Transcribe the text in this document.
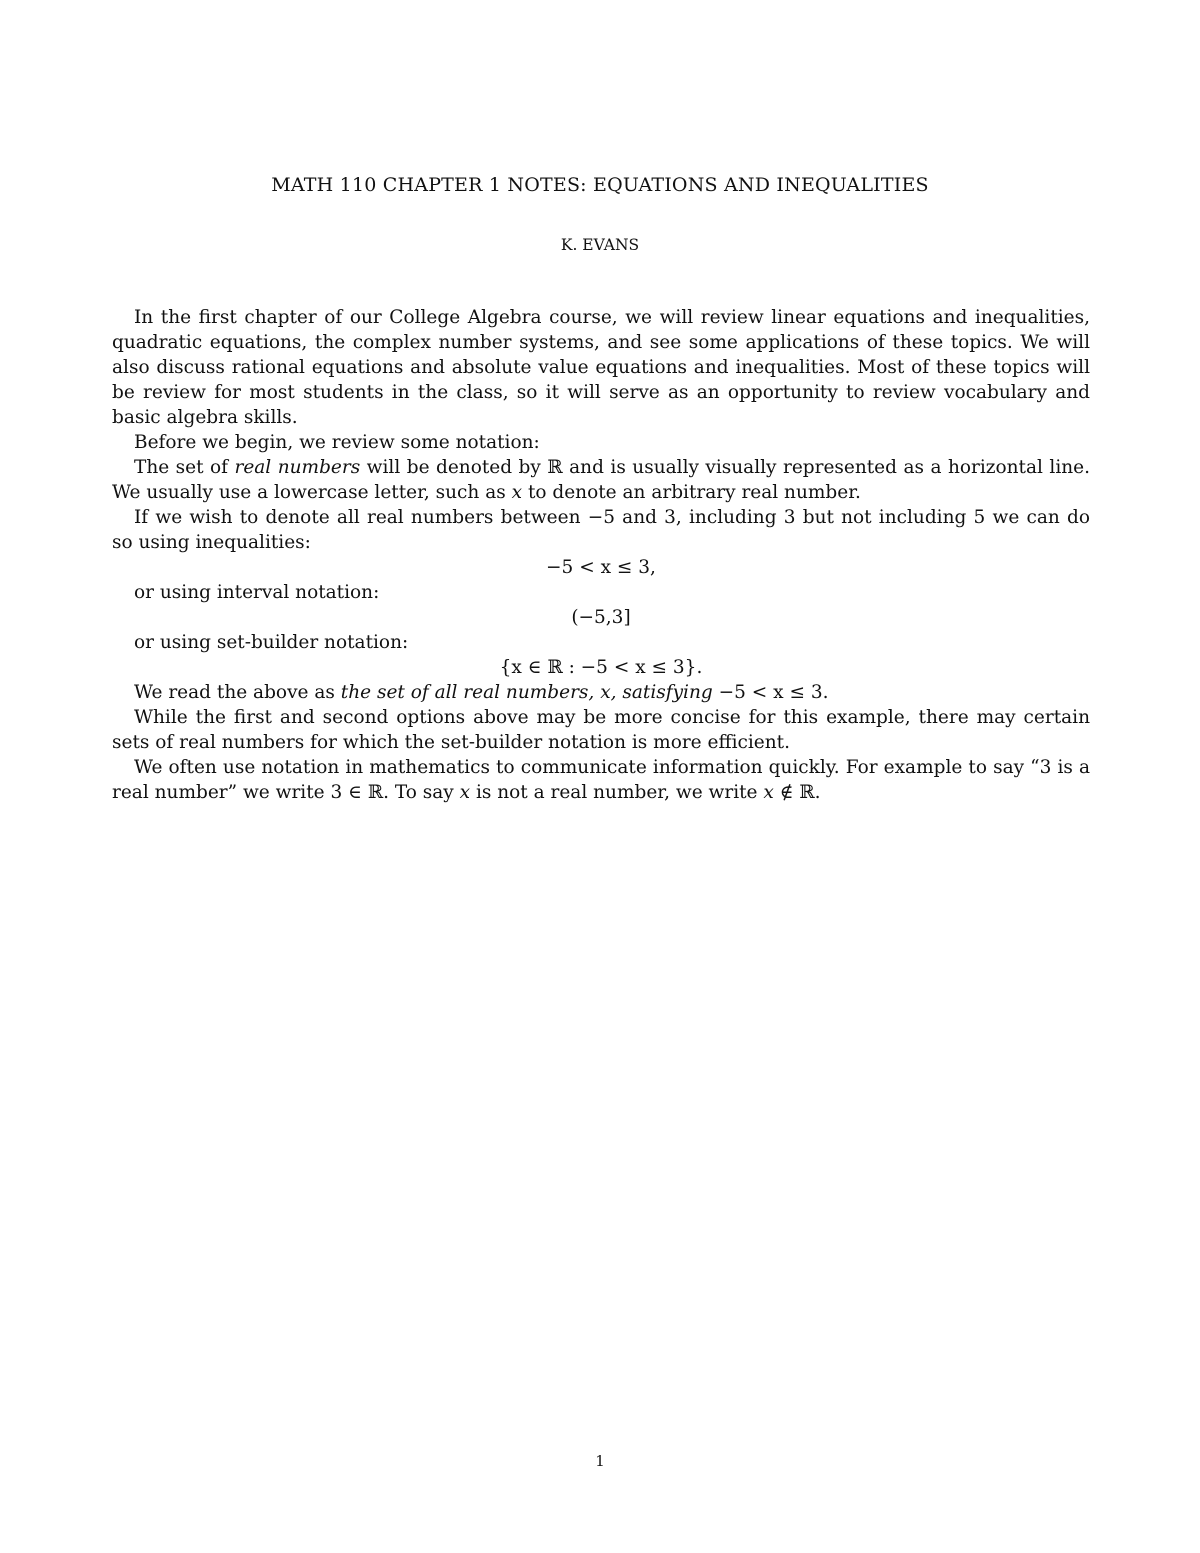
MATH 110 CHAPTER 1 NOTES: EQUATIONS AND INEQUALITIES
K. EVANS

In the first chapter of our College Algebra course, we will review linear equations and inequalities, quadratic equations, the complex number systems, and see some applications of these topics. We will also discuss rational equations and absolute value equations and inequalities. Most of these topics will be review for most students in the class, so it will serve as an opportunity to review vocabulary and basic algebra skills.

Before we begin, we review some notation:

The set of real numbers will be denoted by ℝ and is usually visually represented as a horizontal line. We usually use a lowercase letter, such as x to denote an arbitrary real number.

If we wish to denote all real numbers between −5 and 3, including 3 but not including 5 we can do so using inequalities:

−5 < x ≤ 3,

or using interval notation:

(−5,3]

or using set-builder notation:

{x ∈ ℝ : −5 < x ≤ 3}.

We read the above as the set of all real numbers, x, satisfying −5 < x ≤ 3.

While the first and second options above may be more concise for this example, there may certain sets of real numbers for which the set-builder notation is more efficient.

We often use notation in mathematics to communicate information quickly. For example to say “3 is a real number” we write 3 ∈ ℝ. To say x is not a real number, we write x ∉ ℝ.

1
